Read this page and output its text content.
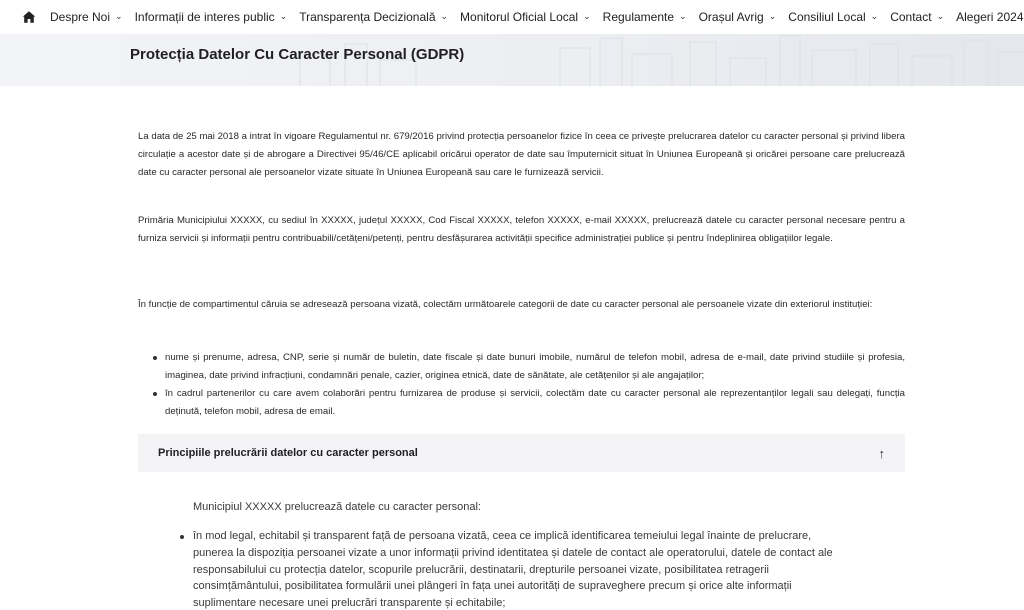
Despre Noi ⌄ Informații de interes public ⌄ Transparența Decizională ⌄ Monitorul Oficial Local ⌄ Regulamente ⌄ Orașul Avrig ⌄ Consiliul Local ⌄ Contact ⌄ Alegeri 2024
Protecția Datelor Cu Caracter Personal (GDPR)

La data de 25 mai 2018 a intrat în vigoare Regulamentul nr. 679/2016 privind protecția persoanelor fizice în ceea ce privește prelucrarea datelor cu caracter personal și privind libera circulație a acestor date și de abrogare a Directivei 95/46/CE aplicabil oricărui operator de date sau împuternicit situat în Uniunea Europeană și oricărei persoane care prelucrează date cu caracter personal ale persoanelor vizate situate în Uniunea Europeană sau care le furnizează servicii.

Primăria Municipiului XXXXX, cu sediul în XXXXX, județul XXXXX, Cod Fiscal XXXXX, telefon XXXXX, e-mail XXXXX, prelucrează datele cu caracter personal necesare pentru a furniza servicii și informații pentru contribuabili/cetățeni/petenți, pentru desfășurarea activității specifice administrației publice și pentru îndeplinirea obligațiilor legale.

În funcție de compartimentul căruia se adresează persoana vizată, colectăm următoarele categorii de date cu caracter personal ale persoanele vizate din exteriorul instituției:

nume și prenume, adresa, CNP, serie și număr de buletin, date fiscale și date bunuri imobile, numărul de telefon mobil, adresa de e-mail, date privind studiile și profesia, imaginea, date privind infracțiuni, condamnări penale, cazier, originea etnică, date de sănătate, ale cetățenilor și ale angajaților;
în cadrul partenerilor cu care avem colaborări pentru furnizarea de produse și servicii, colectăm date cu caracter personal ale reprezentanților legali sau delegați, funcția deținută, telefon mobil, adresa de email.
Principiile prelucrării datelor cu caracter personal	↑
Municipiul XXXXX prelucrează datele cu caracter personal:
în mod legal, echitabil și transparent față de persoana vizată, ceea ce implică identificarea temeiului legal înainte de prelucrare, punerea la dispoziția persoanei vizate a unor informații privind identitatea și datele de contact ale operatorului, datele de contact ale responsabilului cu protecția datelor, scopurile prelucrării, destinatarii, drepturile persoanei vizate, posibilitatea retragerii consimțământului, posibilitatea formulării unei plângeri în fața unei autorități de supraveghere precum și orice alte informații suplimentare necesare unei prelucrări transparente și echitabile;
